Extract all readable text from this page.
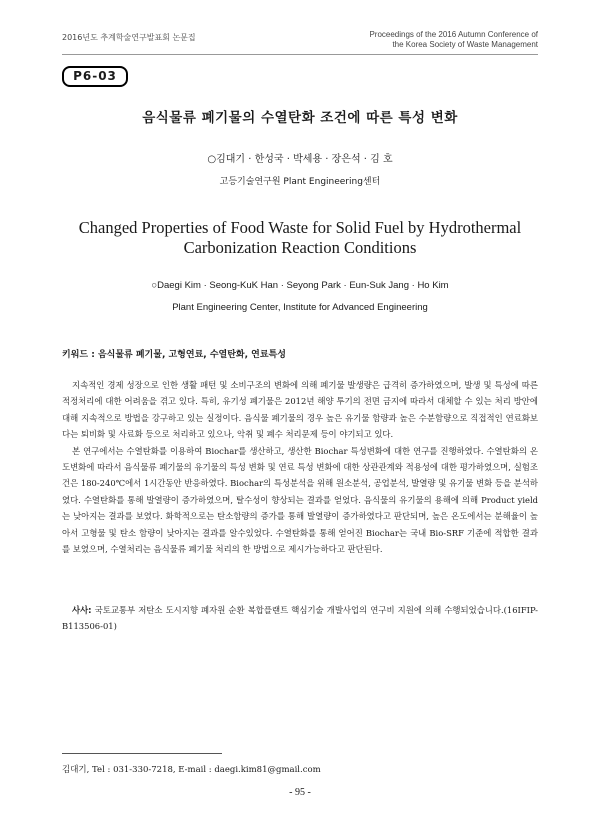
2016년도 추계학술연구발표회 논문집	Proceedings of the 2016 Autumn Conference of
the Korea Society of Waste Management
P6-03
음식물류 폐기물의 수열탄화 조건에 따른 특성 변화
○김대기 · 한성국 · 박세용 · 장은석 · 김 호
고등기술연구원 Plant Engineering센터
Changed Properties of Food Waste for Solid Fuel by Hydrothermal
Carbonization Reaction Conditions
○Daegi Kim · Seong-KuK Han · Seyong Park · Eun-Suk Jang · Ho Kim
Plant Engineering Center, Institute for Advanced Engineering
키워드 : 음식물류 폐기물, 고형연료, 수열탄화, 연료특성

지속적인 경제 성장으로 인한 생활 패턴 및 소비구조의 변화에 의해 폐기물 발생량은 급격히 증가하였으며, 발생 및 특성에 따른 적정처리에 대한 어려움을 겪고 있다. 특히, 유기성 폐기물은 2012년 해양 투기의 전면 금지에 따라서 대체할 수 있는 처리 방안에 대해 지속적으로 방법을 강구하고 있는 실정이다. 음식물 폐기물의 경우 높은 유기물 함량과 높은 수분함량으로 직접적인 연료화보다는 퇴비화 및 사료화 등으로 처리하고 있으나, 악취 및 폐수 처리문제 등이 야기되고 있다.

본 연구에서는 수열탄화를 이용하여 Biochar를 생산하고, 생산한 Biochar 특성변화에 대한 연구를 진행하였다. 수열탄화의 온도변화에 따라서 음식물류 폐기물의 유기물의 특성 변화 및 연료 특성 변화에 대한 상관관계와 적용성에 대한 평가하였으며, 실험조건은 180-240℃에서 1시간동안 반응하였다. Biochar의 특성분석을 위해 원소분석, 공업분석, 발열량 및 유기물 변화 등을 분석하였다. 수열탄화를 통해 발열량이 증가하였으며, 탈수성이 향상되는 결과를 얻었다. 음식물의 유기물의 용해에 의해 Product yield는 낮아지는 결과를 보였다. 화학적으로는 탄소함량의 증가를 통해 발열량이 증가하였다고 판단되며, 높은 온도에서는 분해율이 높아서 고형물 및 탄소 함량이 낮아지는 결과를 알수있었다. 수열탄화를 통해 얻어진 Biochar는 국내 Bio-SRF 기준에 적합한 결과를 보였으며, 수열처리는 음식물류 폐기물 처리의 한 방법으로 제시가능하다고 판단된다.

사사: 국토교통부 저탄소 도시지향 폐자원 순환 복합플랜트 핵심기술 개발사업의 연구비 지원에 의해 수행되었습니다.(16IFIP-B113506-01)

김대기, Tel : 031-330-7218, E-mail : daegi.kim81@gmail.com
- 95 -
